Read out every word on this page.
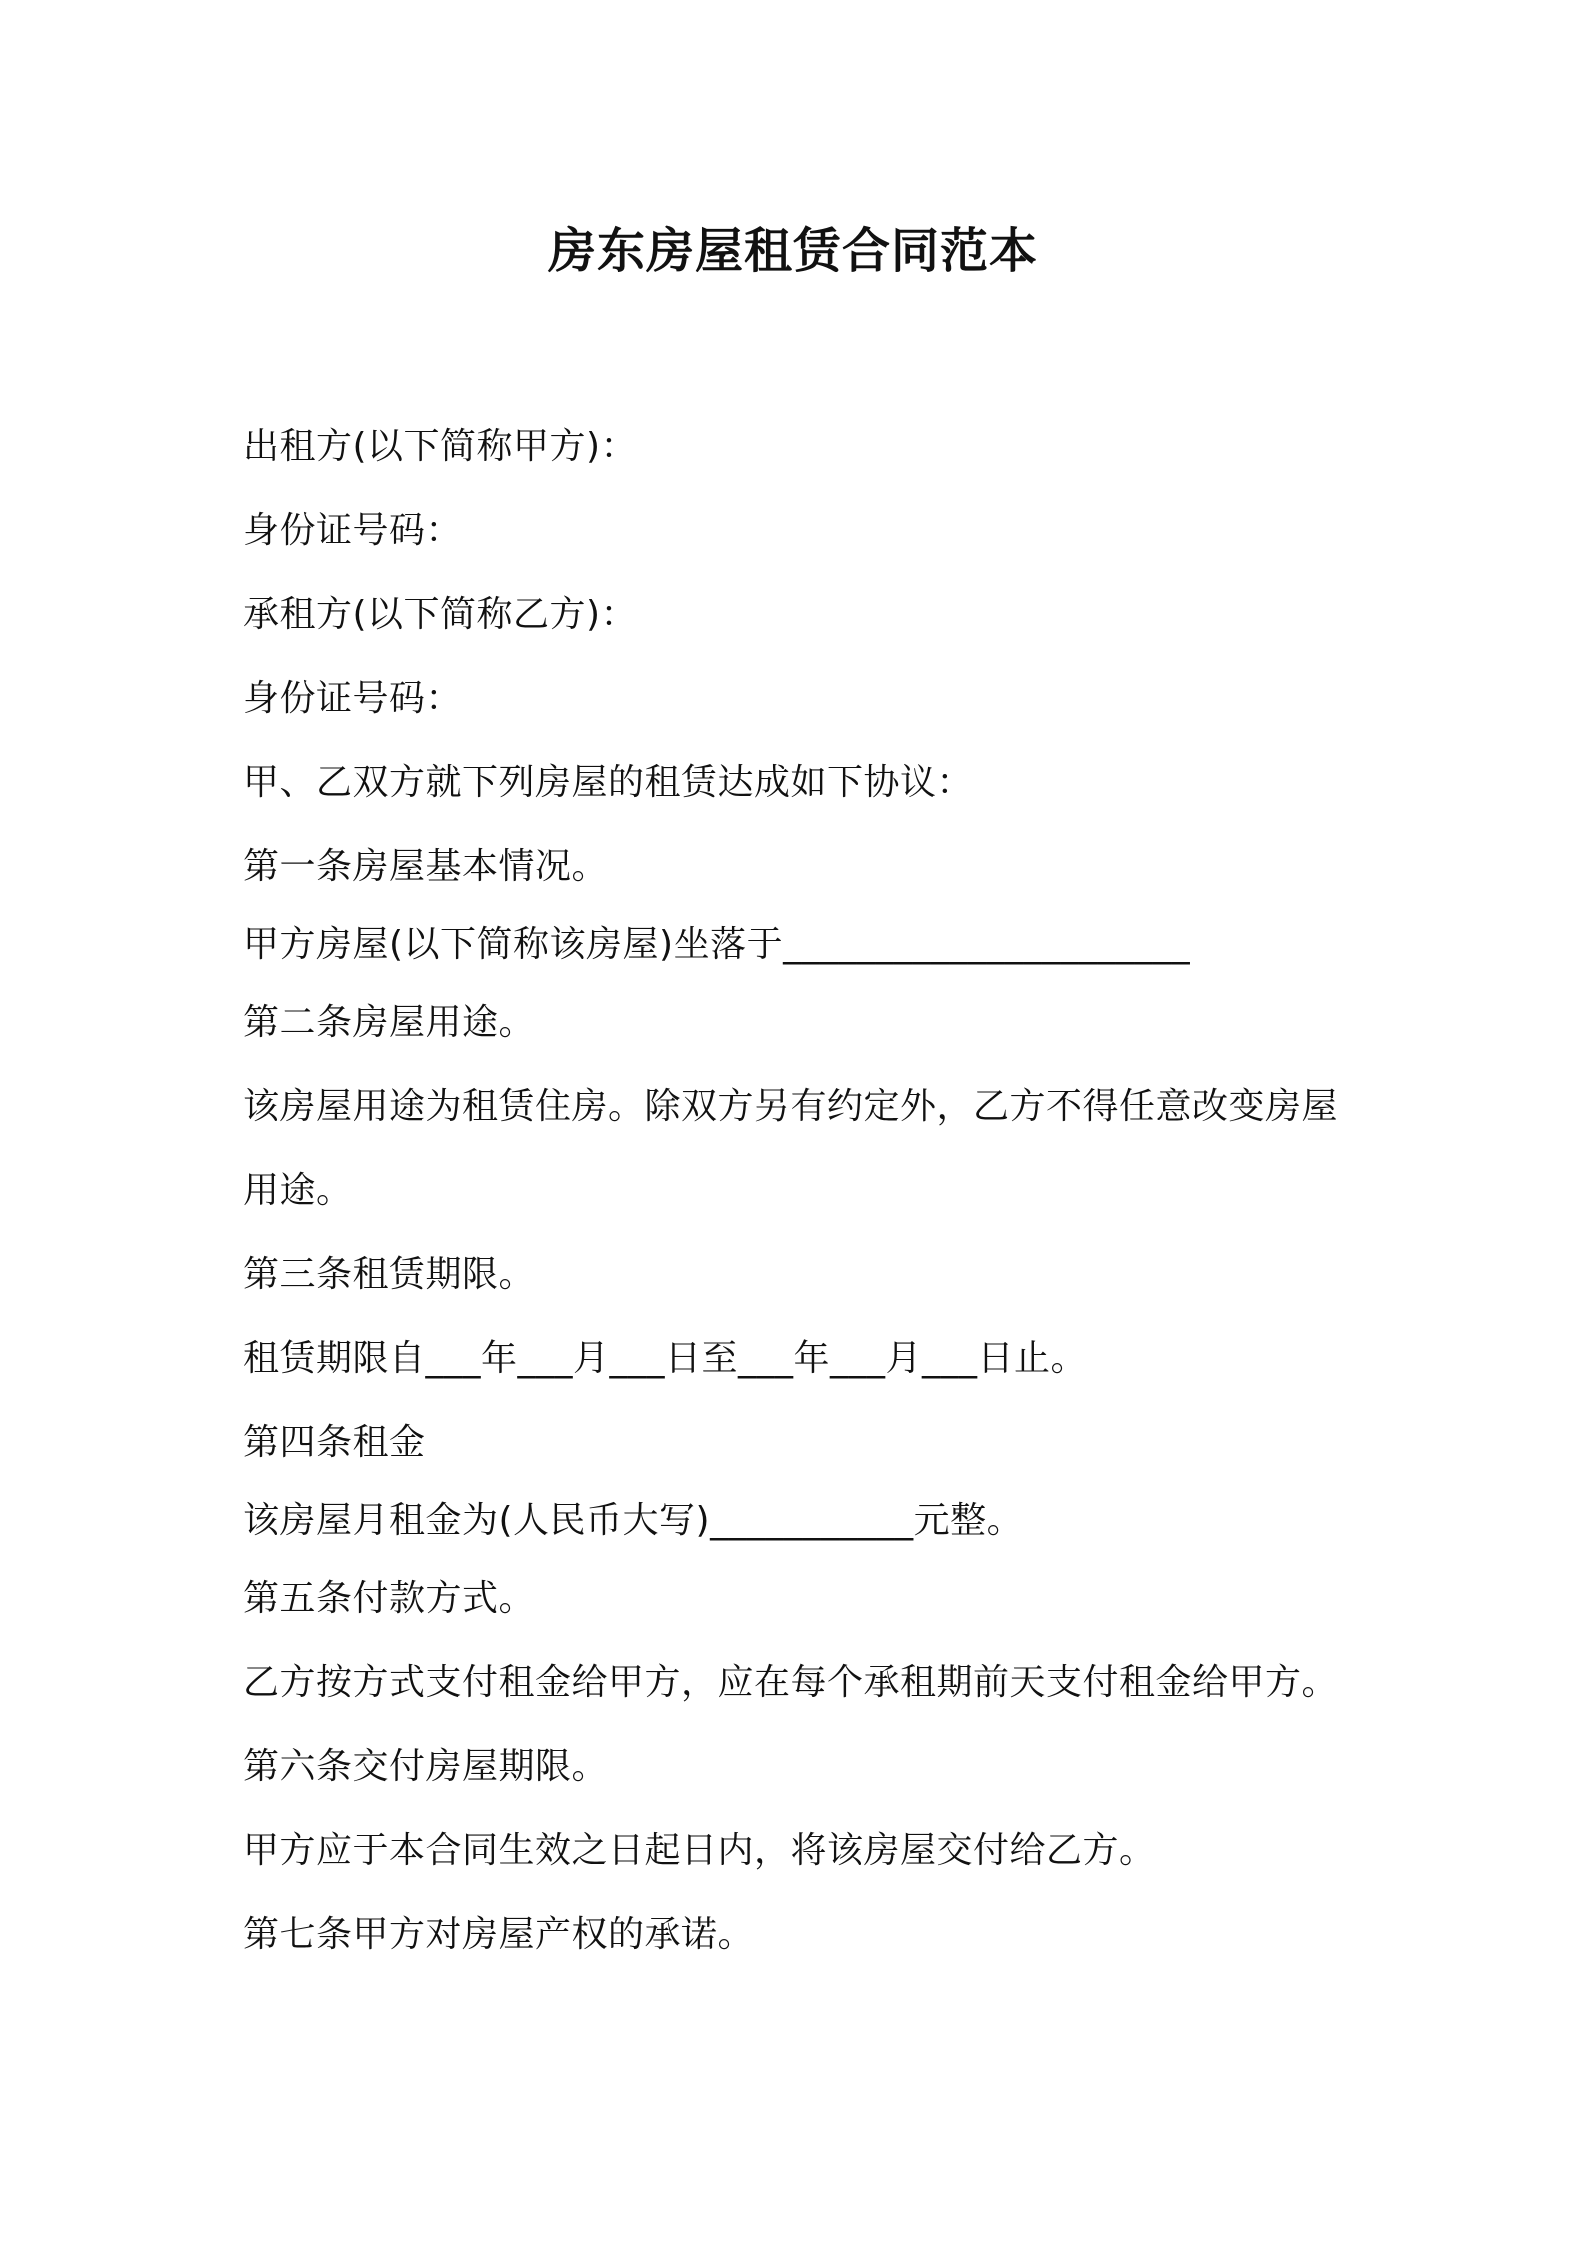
房东房屋租赁合同范本

出租方(以下简称甲方)：

身份证号码：

承租方(以下简称乙方)：

身份证号码：

甲、乙双方就下列房屋的租赁达成如下协议：

第一条房屋基本情况。

甲方房屋(以下简称该房屋)坐落于______________________

第二条房屋用途。

该房屋用途为租赁住房。除双方另有约定外，乙方不得任意改变房屋

用途。

第三条租赁期限。

租赁期限自___年___月___日至___年___月___日止。

第四条租金

该房屋月租金为(人民币大写)___________元整。

第五条付款方式。

乙方按方式支付租金给甲方，应在每个承租期前天支付租金给甲方。

第六条交付房屋期限。

甲方应于本合同生效之日起日内，将该房屋交付给乙方。

第七条甲方对房屋产权的承诺。
